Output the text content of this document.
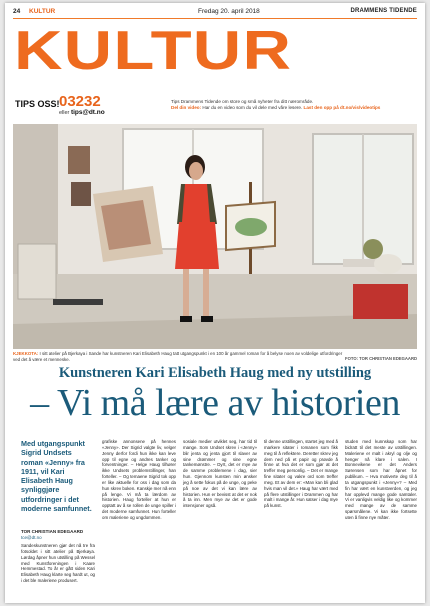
24 KULTUR	Fredag 20. april 2018	DRAMMENS TIDENDE
KULTUR
TIPS OSS! 03232
eller tips@dt.no
Tips Drammens Tidende om store og små nyheter fra ditt nærområde.
Del din video: Har du en video som du vil dele med våre lesere. Last den opp på dt.no/vis/videotips
KJEKKOTA: I sitt atelier på Bjerkaya i Sande har kunstneren Kari Elisabeth Haug tatt utgangspunkt i en 100 år gammel roman for å belyse noen av voldelige utfordringer ved det å være et menneske.	FOTO: TOR CHRISTIAN EDEGAARD
Kunstneren Kari Elisabeth Haug med ny utstilling
– Vi må lære av historien
Med utgangspunkt Sigrid Undsets roman «Jenny» fra 1911, vil Kari Elisabeth Haug synliggjøre utfordringer i det moderne samfunnet.
TOR CHRISTIAN EDEGAARD
tce@dt.no
Sandeskunstneren gjør det nå tre fra fotsoldet i sitt atelier på Bjerkøya. Lørdag åpner hun utstilling på Wessel med Kunstforeningen i Kaare Hemmestad. To år er gått siden Kari Elisabeth Haug klarte seg hardt ut, og i det ble maleriene produsert.
grafiske annonsene på hennes «Jenny». Der Sigrid valgte liv, velger Jenny derfor fordi hun ikke kan leve opp til egne og andres tanker og forventninger. – Helge Haug tilhører ikke Undsets problemstillinger, han forteller. – Og temaene Sigrid tok opp er like aktuelle for oss i dag som da hun skrev boken. Kanskje mer nå enn på lenge. Vi må ta lærdom av historien. Haug forteller at hun er opptatt av å se rollen de unge spiller i det moderne samfunnet. Hun forteller om maleriene og ungdommen.
sosiale medier utviklet seg, har tid til mange. Som Undset skrev i «Jenny» blir jenta og jenta gjort til slaver av sine drømmer og sine egne tankemønstre. – Dyrt, det er mye av de samme problemene i dag, sier hun. Gjennom kunsten min ønsker jeg å sette fokus på de unge, og peke på noe av det vi kan lære av historien. Hun er bevisst at det er nok å ta inn. Men mye av det er gode intensjoner også.
til denne utstillingen, startet jeg med å markere sitater i romanen som fikk meg til å reflektere. Deretter skrev jeg dem ned på et papir og prøvde å finne ut hva det er som gjør at det treffer meg personlig. – Det er mange fine sitater og vakre ord som treffer meg. Et av dem er: «Man kan bli glad hvis man vil det.» Haug har vært med på flere utstillinger i Drammen og har malt i mange år. Hun satser i dag mye på kunst.
studen med kunnskap som har bidratt til det meste av utstillingen. Maleriene er malt i akryl og olje og henger nå klare i salen. I Bonnevikene er det Anders Sørensen som har åpnet for publikum. – Hva motiverte deg til å ta utgangspunkt i «Jenny»? – Med fin har vært en kunstverden, og jeg har opplevd mange gode samtaler. Vi er vanligvis veldig like og kommer med mange av de samme spørsmålene. Vi kan ikke fortsette uten å finne nye måter.
